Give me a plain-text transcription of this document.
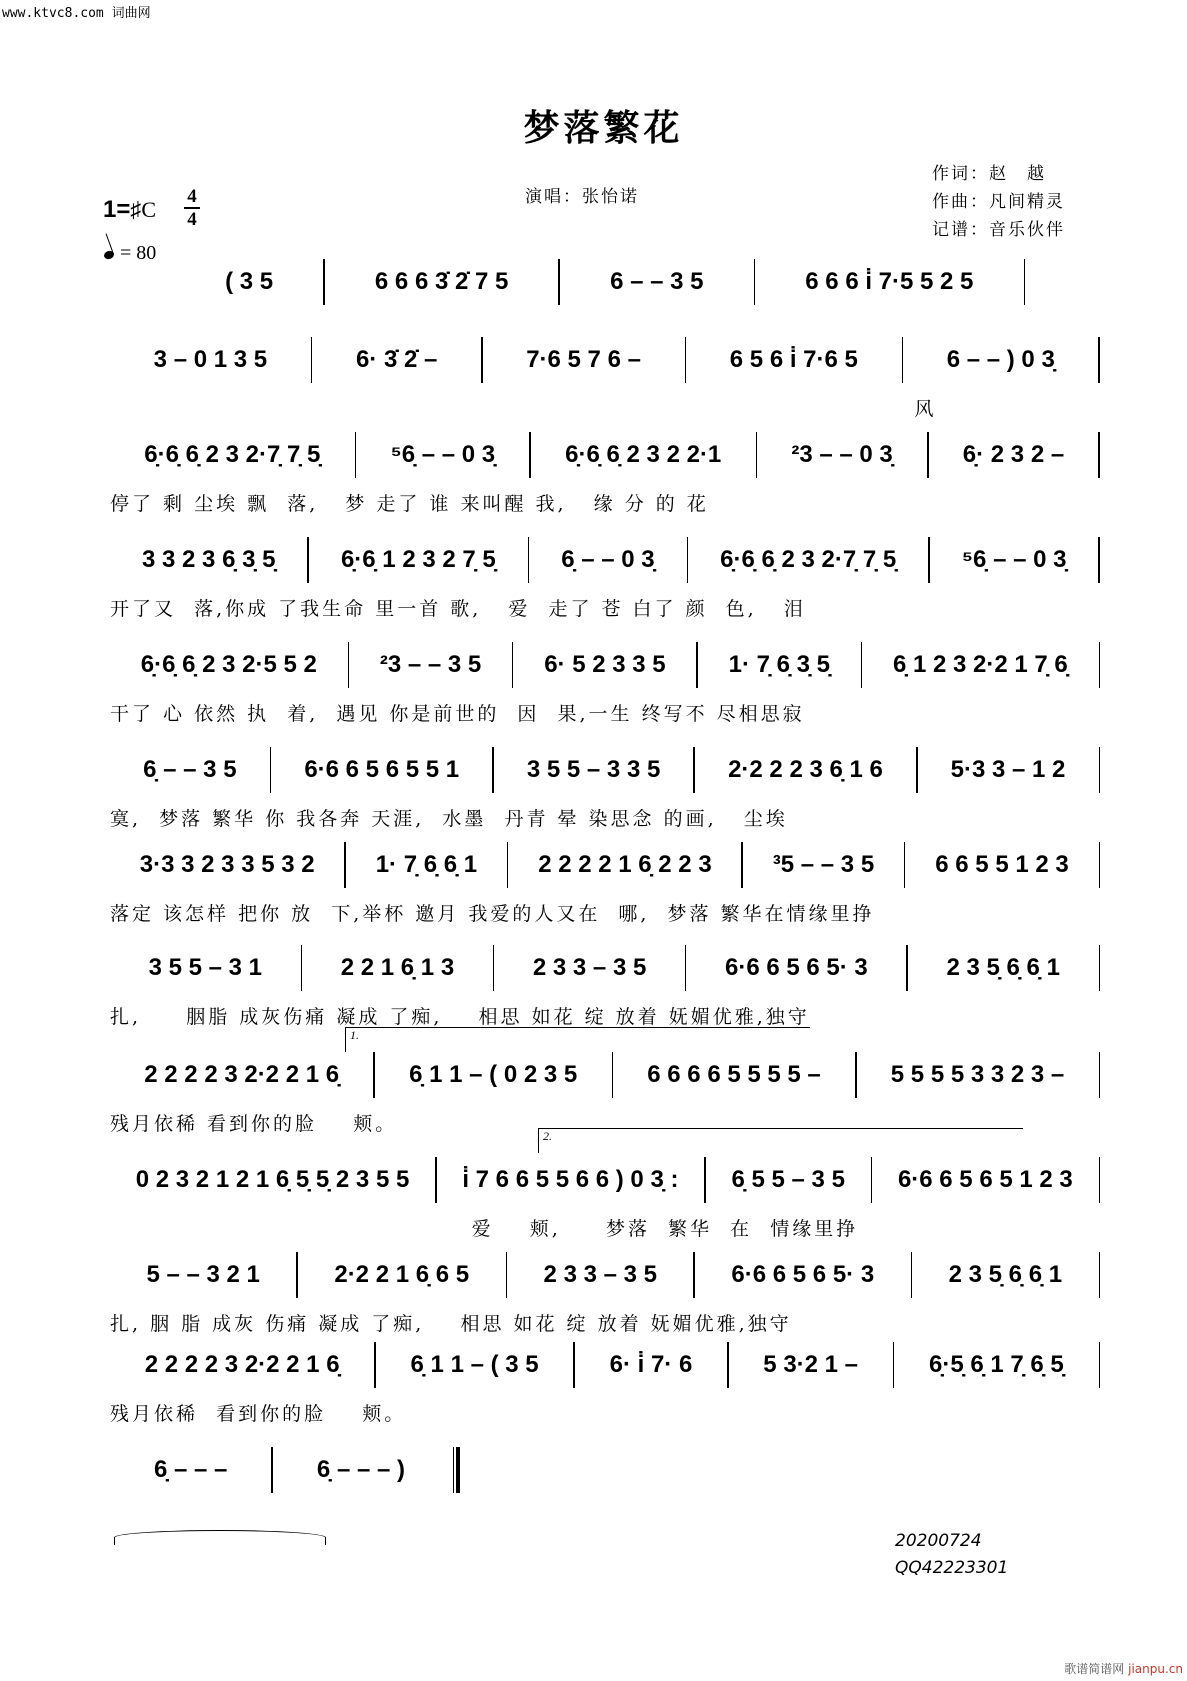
www.ktvc8.com 词曲网
梦落繁花
演唱：张怡诺
作词：赵　越
作曲：凡间精灵
记谱：音乐伙伴
1=♯C
4
4
= 80
( 3 5	6 6 6 3̇ 2̇ 7 5	6 – – 3 5	6 6 6 i̇ 7·5 5 2 5
3 – 0 1 3 5	6· 3̇ 2̇ –	7·6 5 7 6 –	6 5 6 i̇ 7·6 5	6 – – ) 0 3̣
风
6̣·6̣ 6̣ 2 3 2·7̣ 7̣ 5̣	⁵6̣ – – 0 3̣	6̣·6̣ 6̣ 2 3 2 2·1	²3 – – 0 3̣	6̣· 2 3 2 –
停了 剩 尘埃 飘  落,   梦 走了 谁 来叫醒 我,   缘 分 的 花
3 3 2 3 6̣ 3̣ 5̣	6̣·6̣ 1 2 3 2 7̣ 5̣	6̣ – – 0 3̣	6̣·6̣ 6̣ 2 3 2·7̣ 7̣ 5̣	⁵6̣ – – 0 3̣
开了又  落,你成 了我生命 里一首 歌,   爱  走了 苍 白了 颜  色,   泪
6̣·6̣ 6̣ 2 3 2·5 5 2	²3 – – 3 5	6· 5 2 3 3 5	1· 7̣ 6̣ 3̣ 5̣	6̣ 1 2 3 2·2 1 7̣ 6̣
干了 心 依然 执  着,  遇见 你是前世的  因  果,一生 终写不 尽相思寂
6̣ – – 3 5	6·6 6 5 6 5 5 1	3 5 5 – 3 3 5	2·2 2 2 3 6̣ 1 6	5·3 3 – 1 2
寞,  梦落 繁华 你 我各奔 天涯,  水墨  丹青 晕 染思念 的画,   尘埃
3·3 3 2 3 3 5 3 2	1· 7̣ 6̣ 6̣ 1	2 2 2 2 1 6̣ 2 2 3	³5 – – 3 5	6 6 5 5 1 2 3
落定 该怎样 把你 放  下,举杯 邀月 我爱的人又在  哪,  梦落 繁华在情缘里挣
3 5 5 – 3 1	2 2 1 6̣ 1 3	2 3 3 – 3 5	6·6 6 5 6 5· 3	2 3 5̣ 6̣ 6̣ 1
扎,     胭脂 成灰伤痛 凝成 了痴,    相思 如花 绽 放着 妩媚优雅,独守
2 2 2 2 3 2·2 2 1 6̣	6̣ 1 1 – ( 0 2 3 5	6 6 6 6 5 5 5 5 –	5 5 5 5 3 3 2 3 –
1.
残月依稀 看到你的脸    颊。
0 2 3 2 1 2 1 6̣ 5̣ 5̣ 2 3 5 5	i̇ 7 6 6 5 5 6 6 ) 0 3̣ :	6̣ 5 5 – 3 5	6·6 6 5 6 5 1 2 3
2.
爱    颊,     梦落  繁华  在  情缘里挣
5 – – 3 2 1	2·2 2 1 6̣ 6 5	2 3 3 – 3 5	6·6 6 5 6 5· 3	2 3 5̣ 6̣ 6̣ 1
扎, 胭 脂 成灰 伤痛 凝成 了痴,    相思 如花 绽 放着 妩媚优雅,独守
2 2 2 2 3 2·2 2 1 6̣	6̣ 1 1 – ( 3 5	6· i̇ 7· 6	5 3·2 1 –	6̣·5̣ 6̣ 1 7̣ 6̣ 5̣
残月依稀  看到你的脸    颊。
6̣ – – –	6̣ – – – )
20200724
QQ42223301
歌谱简谱网 jianpu.cn
